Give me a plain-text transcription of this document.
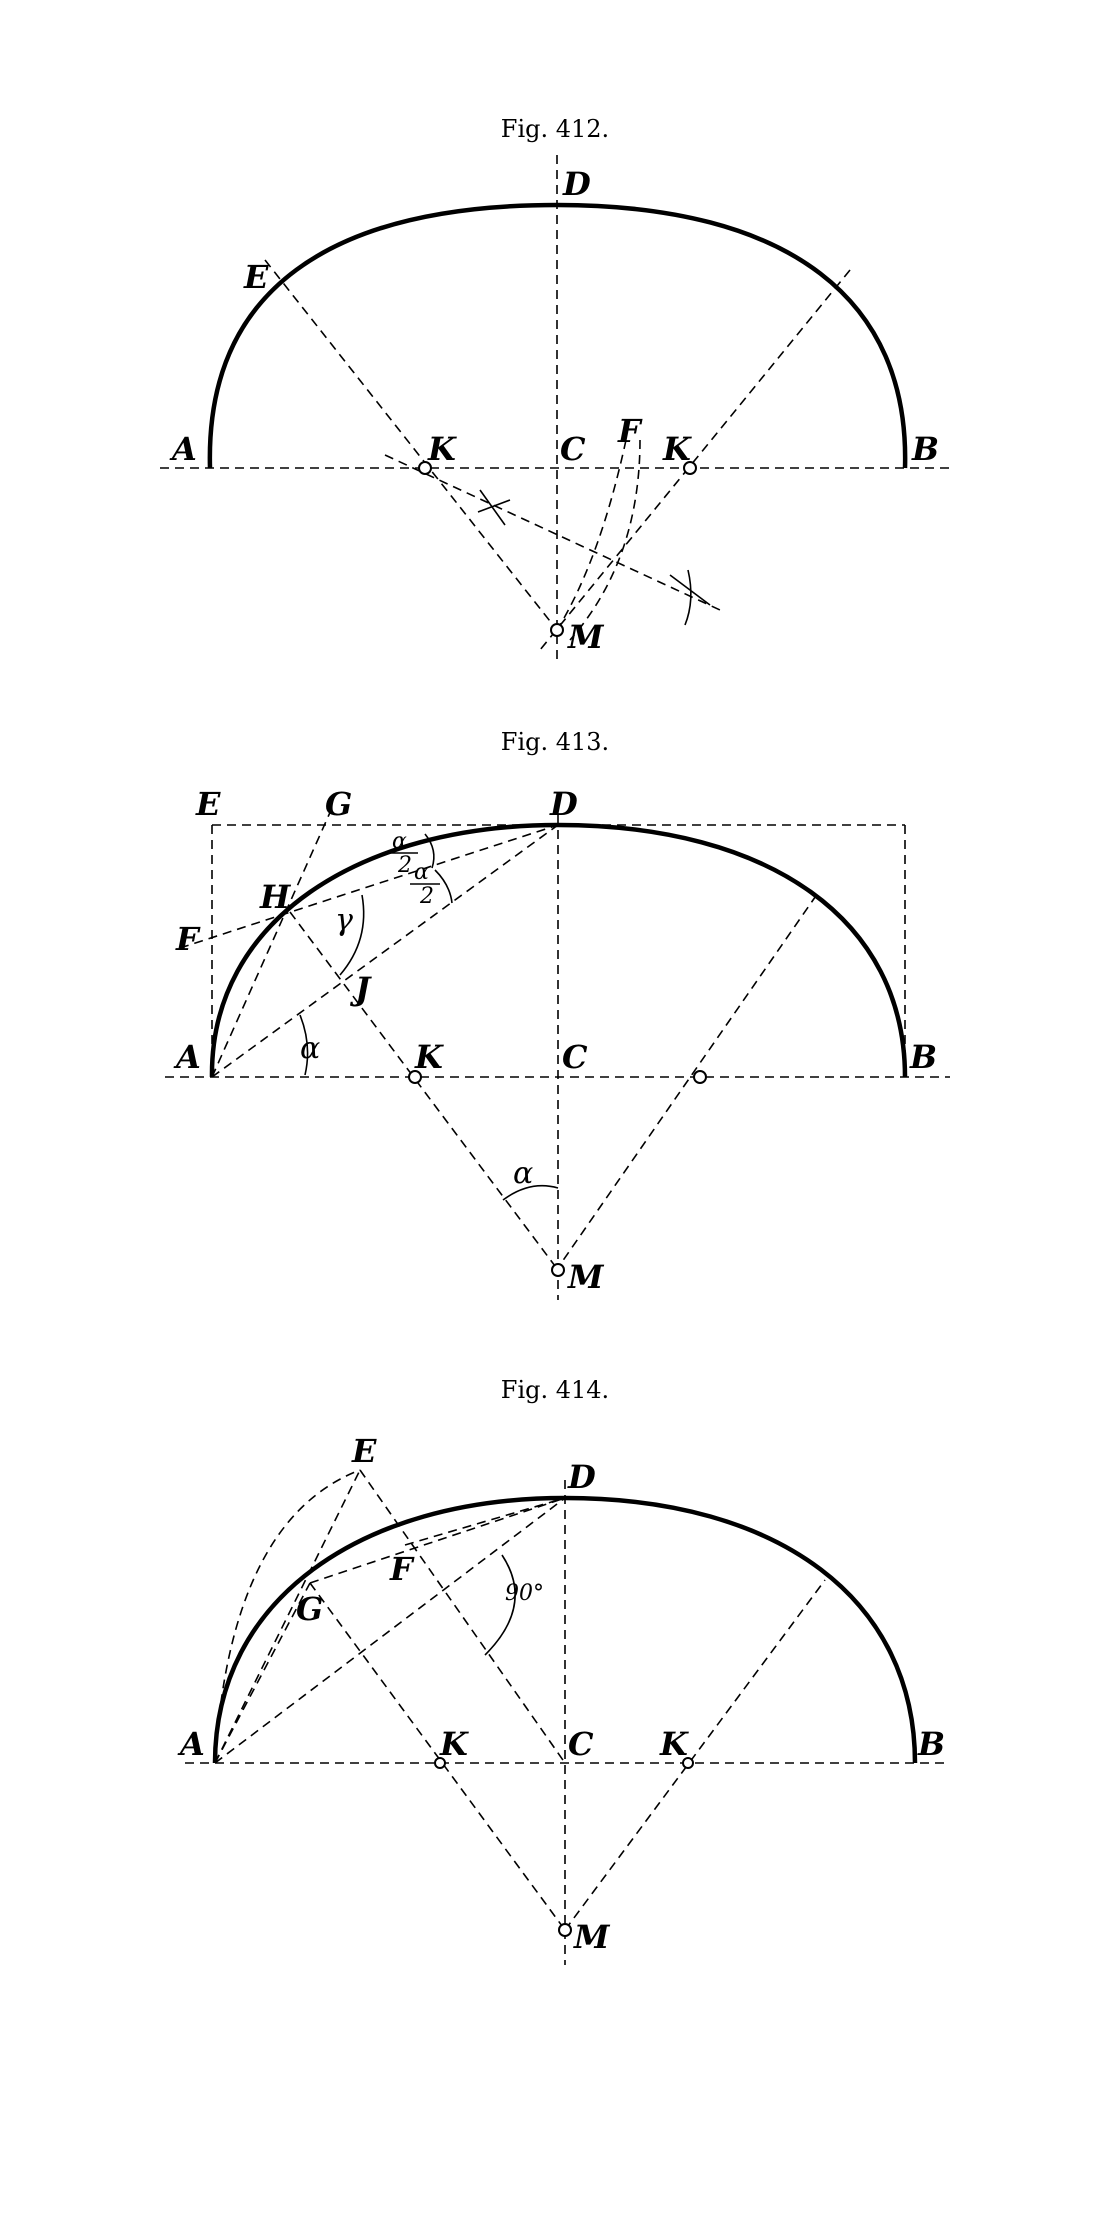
Fig. 412.
A	B
C
D
E
F
K	K
M
Fig. 413.
A	B
C
D
E
F
G
H
J
K
M
α
γ
α
α
2 α
2
Fig. 414.
A	B
C
D
E
F
G
K	K
M
90°
